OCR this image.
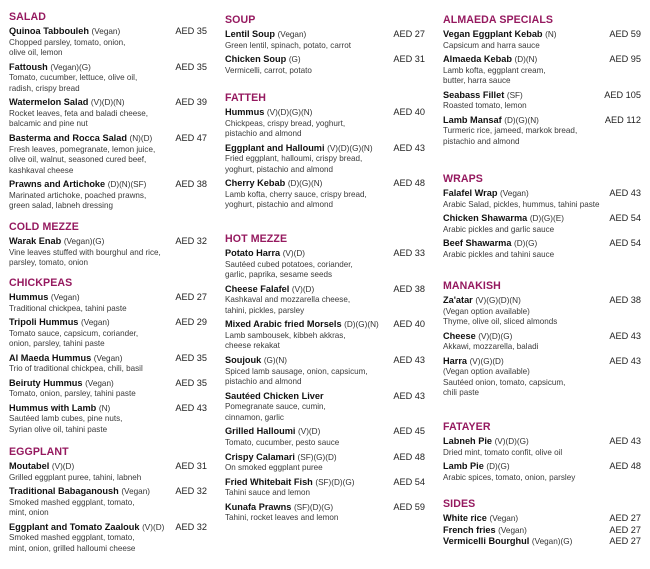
SALAD
Quinoa Tabbouleh (Vegan)	AED 35
Chopped parsley, tomato, onion,
olive oil, lemon
Fattoush (Vegan)(G)	AED 35
Tomato, cucumber, lettuce, olive oil,
radish, crispy bread
Watermelon Salad (V)(D)(N)	AED 39
Rocket leaves, feta and baladi cheese,
balcamic and pine nut
Basterma and Rocca Salad (N)(D)	AED 47
Fresh leaves, pomegranate, lemon juice,
olive oil, walnut, seasoned cured beef,
kashkaval cheese
Prawns and Artichoke (D)(N)(SF)	AED 38
Marinated artichoke, poached prawns,
green salad, labneh dressing
COLD MEZZE
Warak Enab (Vegan)(G)	AED 32
Vine leaves stuffed with bourghul and rice,
parsley, tomato, onion
CHICKPEAS
Hummus (Vegan)	AED 27
Traditional chickpea, tahini paste
Tripoli Hummus (Vegan)	AED 29
Tomato sauce, capsicum, coriander,
onion, parsley, tahini paste
Al Maeda Hummus (Vegan)	AED 35
Trio of traditional chickpea, chili, basil
Beiruty Hummus (Vegan)	AED 35
Tomato, onion, parsley, tahini paste
Hummus with Lamb (N)	AED 43
Sautéed lamb cubes, pine nuts,
Syrian olive oil, tahini paste
EGGPLANT
Moutabel (V)(D)	AED 31
Grilled eggplant puree, tahini, labneh
Traditional Babaganoush (Vegan)	AED 32
Smoked mashed eggplant, tomato,
mint, onion
Eggplant and Tomato Zaalouk (V)(D) AED 32
Smoked mashed eggplant, tomato,
mint, onion, grilled halloumi cheese
SOUP
Lentil Soup (Vegan)	AED 27
Green lentil, spinach, potato, carrot
Chicken Soup (G)	AED 31
Vermicelli, carrot, potato
FATTEH
Hummus (V)(D)(G)(N)	AED 40
Chickpeas, crispy bread, yoghurt,
pistachio and almond
Eggplant and Halloumi (V)(D)(G)(N) AED 43
Fried eggplant, halloumi, crispy bread,
yoghurt, pistachio and almond
Cherry Kebab (D)(G)(N)	AED 48
Lamb kofta, cherry sauce, crispy bread,
yoghurt, pistachio and almond
HOT MEZZE
Potato Harra (V)(D)	AED 33
Sautéed cubed potatoes, coriander,
garlic, paprika, sesame seeds
Cheese Falafel (V)(D)	AED 38
Kashkaval and mozzarella cheese,
tahini, pickles, parsley
Mixed Arabic fried Morsels (D)(G)(N) AED 40
Lamb sambousek, kibbeh akkras,
cheese rekakat
Soujouk (G)(N)	AED 43
Spiced lamb sausage, onion, capsicum,
pistachio and almond
Sautéed Chicken Liver	AED 43
Pomegranate sauce, cumin,
cinnamon, garlic
Grilled Halloumi (V)(D)	AED 45
Tomato, cucumber, pesto sauce
Crispy Calamari (SF)(G)(D)	AED 48
On smoked eggplant puree
Fried Whitebait Fish (SF)(D)(G)	AED 54
Tahini sauce and lemon
Kunafa Prawns (SF)(D)(G)	AED 59
Tahini, rocket leaves and lemon
ALMAEDA SPECIALS
Vegan Eggplant Kebab (N)	AED 59
Capsicum and harra sauce
Almaeda Kebab (D)(N)	AED 95
Lamb kofta, eggplant cream,
butter, harra sauce
Seabass Fillet (SF)	AED 105
Roasted tomato, lemon
Lamb Mansaf (D)(G)(N)	AED 112
Turmeric rice, jameed, markok bread,
pistachio and almond
WRAPS
Falafel Wrap (Vegan)	AED 43
Arabic Salad, pickles, hummus, tahini paste
Chicken Shawarma (D)(G)(E)	AED 54
Arabic pickles and garlic sauce
Beef Shawarma (D)(G)	AED 54
Arabic pickles and tahini sauce
MANAKISH
Za'atar (V)(G)(D)(N)	AED 38
(Vegan option available)
Thyme, olive oil, sliced almonds
Cheese (V)(D)(G)	AED 43
Akkawi, mozzarella, baladi
Harra (V)(G)(D)	AED 43
(Vegan option available)
Sautéed onion, tomato, capsicum,
chili paste
FATAYER
Labneh Pie (V)(D)(G)	AED 43
Dried mint, tomato confit, olive oil
Lamb Pie (D)(G)	AED 48
Arabic spices, tomato, onion, parsley
SIDES
White rice (Vegan)	AED 27
French fries (Vegan)	AED 27
Vermicelli Bourghul (Vegan)(G)	AED 27
